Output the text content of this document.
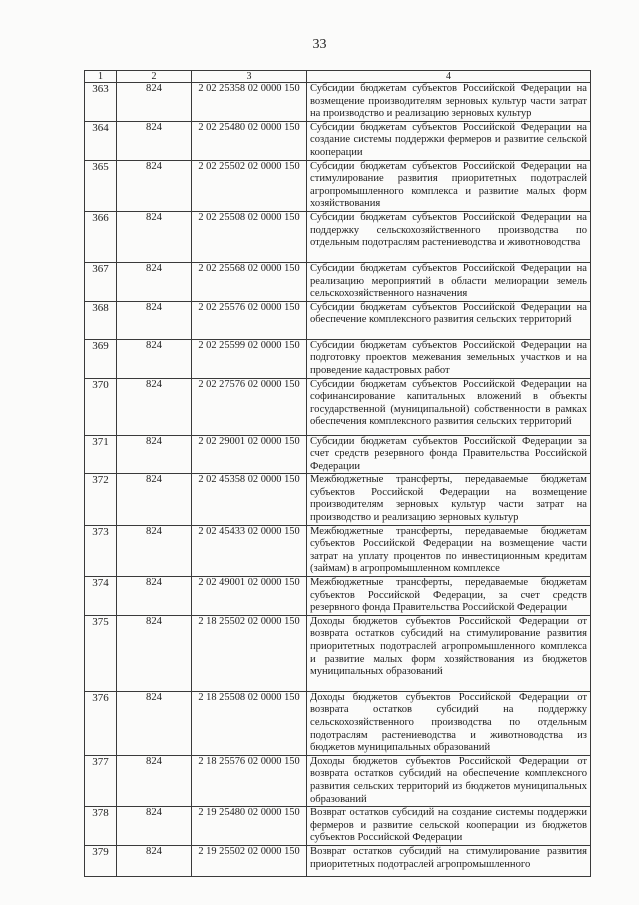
33
1	2	3	4
363	824	2 02 25358 02 0000 150	Субсидии бюджетам субъектов Российской Федерации на возмещение производителям зерновых культур части затрат на производство и реализацию зерновых культур
364	824	2 02 25480 02 0000 150	Субсидии бюджетам субъектов Российской Федерации на создание системы поддержки фермеров и развитие сельской кооперации
365	824	2 02 25502 02 0000 150	Субсидии бюджетам субъектов Российской Федерации на стимулирование развития приоритетных подотраслей агропромышленного комплекса и развитие малых форм хозяйствования
366	824	2 02 25508 02 0000 150	Субсидии бюджетам субъектов Российской Федерации на поддержку сельскохозяйственного производства по отдельным подотраслям растениеводства и животноводства
367	824	2 02 25568 02 0000 150	Субсидии бюджетам субъектов Российской Федерации на реализацию мероприятий в области мелиорации земель сельскохозяйственного назначения
368	824	2 02 25576 02 0000 150	Субсидии бюджетам субъектов Российской Федерации на обеспечение комплексного развития сельских территорий
369	824	2 02 25599 02 0000 150	Субсидии бюджетам субъектов Российской Федерации на подготовку проектов межевания земельных участков и на проведение кадастровых работ
370	824	2 02 27576 02 0000 150	Субсидии бюджетам субъектов Российской Федерации на софинансирование капитальных вложений в объекты государственной (муниципальной) собственности в рамках обеспечения комплексного развития сельских территорий
371	824	2 02 29001 02 0000 150	Субсидии бюджетам субъектов Российской Федерации за счет средств резервного фонда Правительства Российской Федерации
372	824	2 02 45358 02 0000 150	Межбюджетные трансферты, передаваемые бюджетам субъектов Российской Федерации на возмещение производителям зерновых культур части затрат на производство и реализацию зерновых культур
373	824	2 02 45433 02 0000 150	Межбюджетные трансферты, передаваемые бюджетам субъектов Российской Федерации на возмещение части затрат на уплату процентов по инвестиционным кредитам (займам) в агропромышленном комплексе
374	824	2 02 49001 02 0000 150	Межбюджетные трансферты, передаваемые бюджетам субъектов Российской Федерации, за счет средств резервного фонда Правительства Российской Федерации
375	824	2 18 25502 02 0000 150	Доходы бюджетов субъектов Российской Федерации от возврата остатков субсидий на стимулирование развития приоритетных подотраслей агропромышленного комплекса и развитие малых форм хозяйствования из бюджетов муниципальных образований
376	824	2 18 25508 02 0000 150	Доходы бюджетов субъектов Российской Федерации от возврата остатков субсидий на поддержку сельскохозяйственного производства по отдельным подотраслям растениеводства и животноводства из бюджетов муниципальных образований
377	824	2 18 25576 02 0000 150	Доходы бюджетов субъектов Российской Федерации от возврата остатков субсидий на обеспечение комплексного развития сельских территорий из бюджетов муниципальных образований
378	824	2 19 25480 02 0000 150	Возврат остатков субсидий на создание системы поддержки фермеров и развитие сельской кооперации из бюджетов субъектов Российской Федерации
379	824	2 19 25502 02 0000 150	Возврат остатков субсидий на стимулирование развития приоритетных подотраслей агропромышленного
